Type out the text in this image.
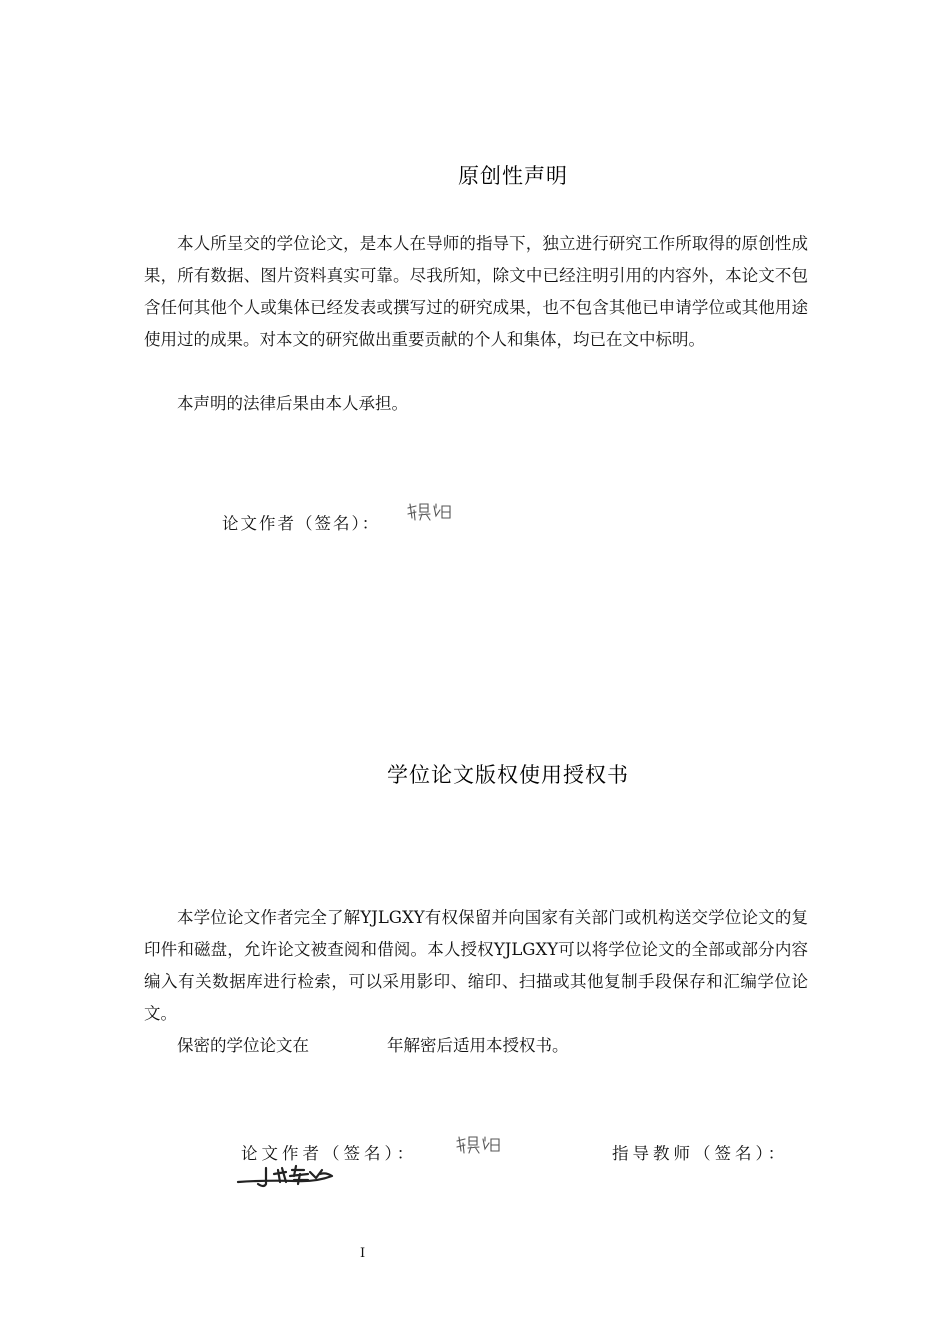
原创性声明

本人所呈交的学位论文，是本人在导师的指导下，独立进行研究工作所取得的原创性成果，所有数据、图片资料真实可靠。尽我所知，除文中已经注明引用的内容外，本论文不包含任何其他个人或集体已经发表或撰写过的研究成果，也不包含其他已申请学位或其他用途使用过的成果。对本文的研究做出重要贡献的个人和集体，均已在文中标明。

本声明的法律后果由本人承担。

论文作者（签名）：
学位论文版权使用授权书

本学位论文作者完全了解YJLGXY有权保留并向国家有关部门或机构送交学位论文的复印件和磁盘，允许论文被查阅和借阅。本人授权YJLGXY可以将学位论文的全部或部分内容编入有关数据库进行检索，可以采用影印、缩印、扫描或其他复制手段保存和汇编学位论文。

保密的学位论文在	年解密后适用本授权书。

论文作者（签名）：	指导教师（签名）：
I
